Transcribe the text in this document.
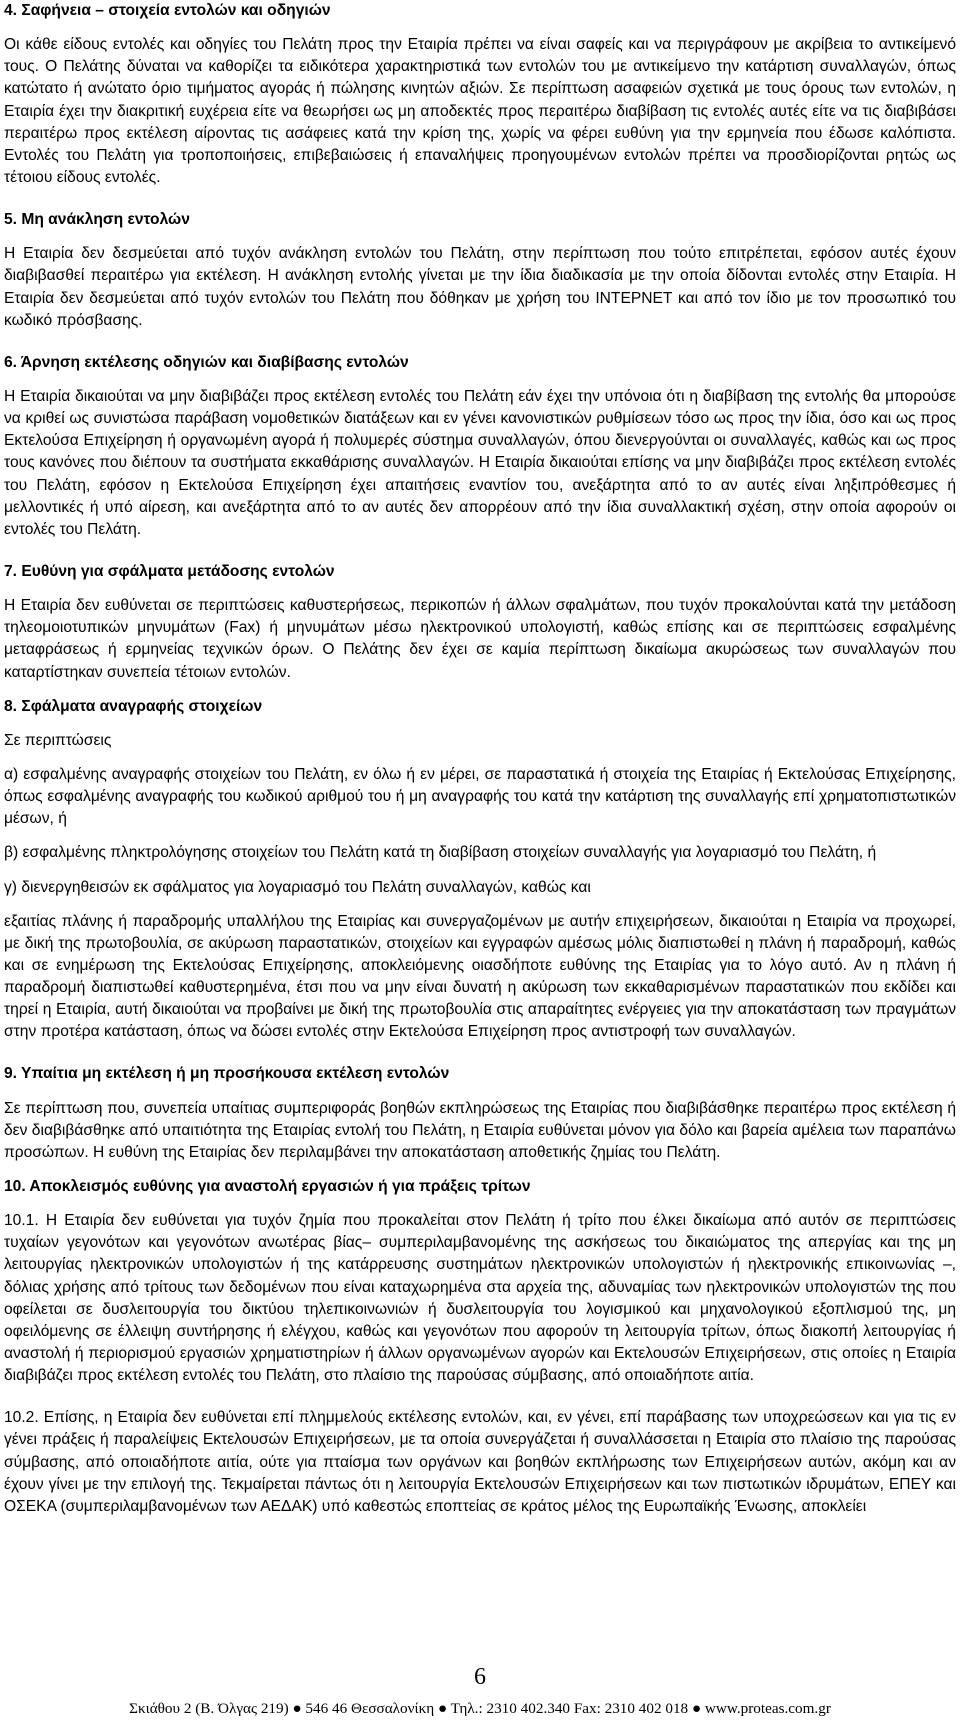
4. Σαφήνεια – στοιχεία εντολών και οδηγιών

Οι κάθε είδους εντολές και οδηγίες του Πελάτη προς την Εταιρία πρέπει να είναι σαφείς και να περιγράφουν με ακρίβεια το αντικείμενό τους. Ο Πελάτης δύναται να καθορίζει τα ειδικότερα χαρακτηριστικά των εντολών του με αντικείμενο την κατάρτιση συναλλαγών, όπως κατώτατο ή ανώτατο όριο τιμήματος αγοράς ή πώλησης κινητών αξιών. Σε περίπτωση ασαφειών σχετικά με τους όρους των εντολών, η Εταιρία έχει την διακριτική ευχέρεια είτε να θεωρήσει ως μη αποδεκτές προς περαιτέρω διαβίβαση τις εντολές αυτές είτε να τις διαβιβάσει περαιτέρω προς εκτέλεση αίροντας τις ασάφειες κατά την κρίση της, χωρίς να φέρει ευθύνη για την ερμηνεία που έδωσε καλόπιστα. Εντολές του Πελάτη για τροποποιήσεις, επιβεβαιώσεις ή επαναλήψεις προηγουμένων εντολών πρέπει να προσδιορίζονται ρητώς ως τέτοιου είδους εντολές.

5. Μη ανάκληση εντολών

Η Εταιρία δεν δεσμεύεται από τυχόν ανάκληση εντολών του Πελάτη, στην περίπτωση που τούτο επιτρέπεται, εφόσον αυτές έχουν διαβιβασθεί περαιτέρω για εκτέλεση. Η ανάκληση εντολής γίνεται με την ίδια διαδικασία με την οποία δίδονται εντολές στην Εταιρία. Η Εταιρία δεν δεσμεύεται από τυχόν εντολών του Πελάτη που δόθηκαν με χρήση του INTEPNET και από τον ίδιο με τον προσωπικό του κωδικό πρόσβασης.

6. Άρνηση εκτέλεσης οδηγιών και διαβίβασης εντολών

Η Εταιρία δικαιούται να μην διαβιβάζει προς εκτέλεση εντολές του Πελάτη εάν έχει την υπόνοια ότι η διαβίβαση της εντολής θα μπορούσε να κριθεί ως συνιστώσα παράβαση νομοθετικών διατάξεων και εν γένει κανονιστικών ρυθμίσεων τόσο ως προς την ίδια, όσο και ως προς Εκτελούσα Επιχείρηση ή οργανωμένη αγορά ή πολυμερές σύστημα συναλλαγών, όπου διενεργούνται οι συναλλαγές, καθώς και ως προς τους κανόνες που διέπουν τα συστήματα εκκαθάρισης συναλλαγών. Η Εταιρία δικαιούται επίσης να μην διαβιβάζει προς εκτέλεση εντολές του Πελάτη, εφόσον η Εκτελούσα Επιχείρηση έχει απαιτήσεις εναντίον του, ανεξάρτητα από το αν αυτές είναι ληξιπρόθεσμες ή μελλοντικές ή υπό αίρεση, και ανεξάρτητα από το αν αυτές δεν απορρέουν από την ίδια συναλλακτική σχέση, στην οποία αφορούν οι εντολές του Πελάτη.

7. Ευθύνη για σφάλματα μετάδοσης εντολών

Η Εταιρία δεν ευθύνεται σε περιπτώσεις καθυστερήσεως, περικοπών ή άλλων σφαλμάτων, που τυχόν προκαλούνται κατά την μετάδοση τηλεομοιοτυπικών μηνυμάτων (Fax) ή μηνυμάτων μέσω ηλεκτρονικού υπολογιστή, καθώς επίσης και σε περιπτώσεις εσφαλμένης μεταφράσεως ή ερμηνείας τεχνικών όρων. Ο Πελάτης δεν έχει σε καμία περίπτωση δικαίωμα ακυρώσεως των συναλλαγών που καταρτίστηκαν συνεπεία τέτοιων εντολών.

8. Σφάλματα αναγραφής στοιχείων

Σε περιπτώσεις

α) εσφαλμένης αναγραφής στοιχείων του Πελάτη, εν όλω ή εν μέρει, σε παραστατικά ή στοιχεία της Εταιρίας ή Εκτελούσας Επιχείρησης, όπως εσφαλμένης αναγραφής του κωδικού αριθμού του ή μη αναγραφής του κατά την κατάρτιση της συναλλαγής επί χρηματοπιστωτικών μέσων, ή

β) εσφαλμένης πληκτρολόγησης στοιχείων του Πελάτη κατά τη διαβίβαση στοιχείων συναλλαγής για λογαριασμό του Πελάτη, ή

γ) διενεργηθεισών εκ σφάλματος για λογαριασμό του Πελάτη συναλλαγών, καθώς και

εξαιτίας πλάνης ή παραδρομής υπαλλήλου της Εταιρίας και συνεργαζομένων με αυτήν επιχειρήσεων, δικαιούται η Εταιρία να προχωρεί, με δική της πρωτοβουλία, σε ακύρωση παραστατικών, στοιχείων και εγγραφών αμέσως μόλις διαπιστωθεί η πλάνη ή παραδρομή, καθώς και σε ενημέρωση της Εκτελούσας Επιχείρησης, αποκλειόμενης οιασδήποτε ευθύνης της Εταιρίας για το λόγο αυτό. Αν η πλάνη ή παραδρομή διαπιστωθεί καθυστερημένα, έτσι που να μην είναι δυνατή η ακύρωση των εκκαθαρισμένων παραστατικών που εκδίδει και τηρεί η Εταιρία, αυτή δικαιούται να προβαίνει με δική της πρωτοβουλία στις απαραίτητες ενέργειες για την αποκατάσταση των πραγμάτων στην προτέρα κατάσταση, όπως να δώσει εντολές στην Εκτελούσα Επιχείρηση προς αντιστροφή των συναλλαγών.

9. Υπαίτια μη εκτέλεση ή μη προσήκουσα εκτέλεση εντολών

Σε περίπτωση που, συνεπεία υπαίτιας συμπεριφοράς βοηθών εκπληρώσεως της Εταιρίας που διαβιβάσθηκε περαιτέρω προς εκτέλεση ή δεν διαβιβάσθηκε από υπαιτιότητα της Εταιρίας εντολή του Πελάτη, η Εταιρία ευθύνεται μόνον για δόλο και βαρεία αμέλεια των παραπάνω προσώπων. Η ευθύνη της Εταιρίας δεν περιλαμβάνει την αποκατάσταση αποθετικής ζημίας του Πελάτη.

10. Αποκλεισμός ευθύνης για αναστολή εργασιών ή για πράξεις τρίτων

10.1. Η Εταιρία δεν ευθύνεται για τυχόν ζημία που προκαλείται στον Πελάτη ή τρίτο που έλκει δικαίωμα από αυτόν σε περιπτώσεις τυχαίων γεγονότων και γεγονότων ανωτέρας βίας– συμπεριλαμβανομένης της ασκήσεως του δικαιώματος της απεργίας και της μη λειτουργίας ηλεκτρονικών υπολογιστών ή της κατάρρευσης συστημάτων ηλεκτρονικών υπολογιστών ή ηλεκτρονικής επικοινωνίας –, δόλιας χρήσης από τρίτους των δεδομένων που είναι καταχωρημένα στα αρχεία της, αδυναμίας των ηλεκτρονικών υπολογιστών της που οφείλεται σε δυσλειτουργία του δικτύου τηλεπικοινωνιών ή δυσλειτουργία του λογισμικού και μηχανολογικού εξοπλισμού της, μη οφειλόμενης σε έλλειψη συντήρησης ή ελέγχου, καθώς και γεγονότων που αφορούν τη λειτουργία τρίτων, όπως διακοπή λειτουργίας ή αναστολή ή περιορισμού εργασιών χρηματιστηρίων ή άλλων οργανωμένων αγορών και Εκτελουσών Επιχειρήσεων, στις οποίες η Εταιρία διαβιβάζει προς εκτέλεση εντολές του Πελάτη, στο πλαίσιο της παρούσας σύμβασης, από οποιαδήποτε αιτία.

10.2. Επίσης, η Εταιρία δεν ευθύνεται επί πλημμελούς εκτέλεσης εντολών, και, εν γένει, επί παράβασης των υποχρεώσεων και για τις εν γένει πράξεις ή παραλείψεις Εκτελουσών Επιχειρήσεων, με τα οποία συνεργάζεται ή συναλλάσσεται η Εταιρία στο πλαίσιο της παρούσας σύμβασης, από οποιαδήποτε αιτία, ούτε για πταίσμα των οργάνων και βοηθών εκπλήρωσης των Επιχειρήσεων αυτών, ακόμη και αν έχουν γίνει με την επιλογή της. Τεκμαίρεται πάντως ότι η λειτουργία Εκτελουσών Επιχειρήσεων και των πιστωτικών ιδρυμάτων, ΕΠΕΥ και ΟΣΕΚΑ (συμπεριλαμβανομένων των ΑΕΔΑΚ) υπό καθεστώς εποπτείας σε κράτος μέλος της Ευρωπαϊκής Ένωσης, αποκλείει

6
Σκιάθου 2 (Β. Όλγας 219) ● 546 46 Θεσσαλονίκη ● Τηλ.: 2310 402.340 Fax: 2310 402 018 ● www.proteas.com.gr
